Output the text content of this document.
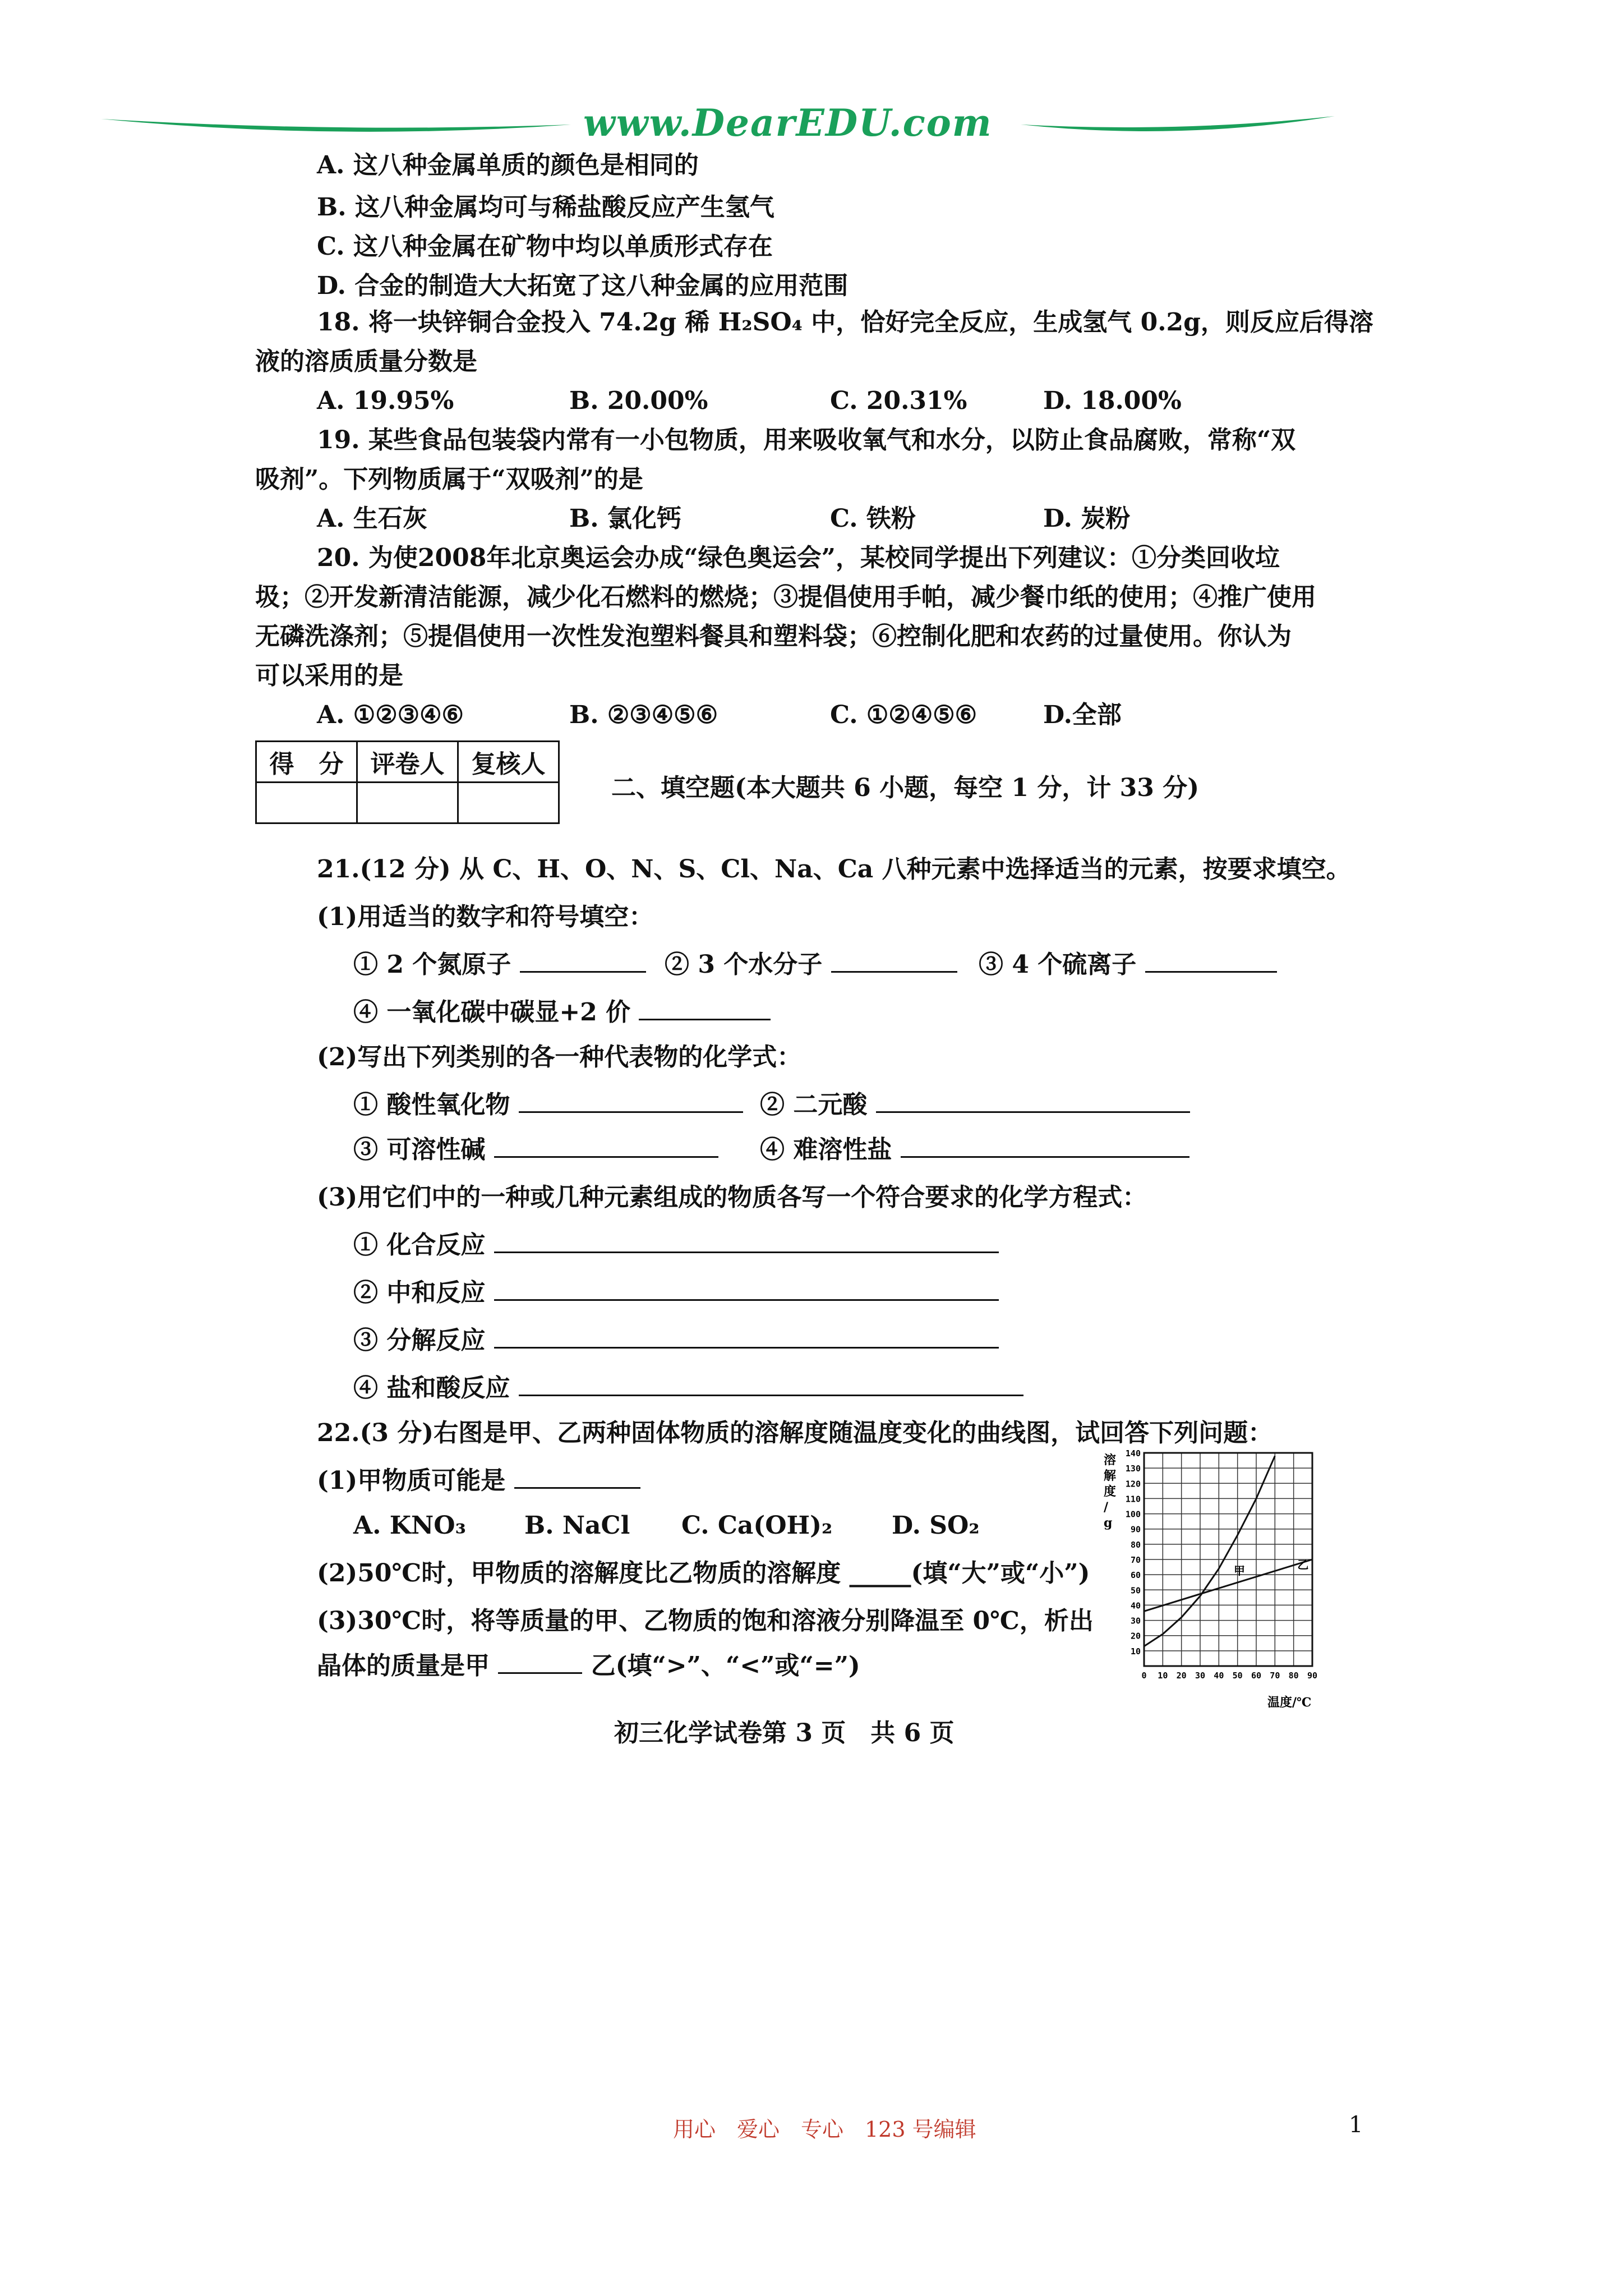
www.DearEDU.com
A. 这八种金属单质的颜色是相同的
B. 这八种金属均可与稀盐酸反应产生氢气
C. 这八种金属在矿物中均以单质形式存在
D. 合金的制造大大拓宽了这八种金属的应用范围
18. 将一块锌铜合金投入 74.2g 稀 H₂SO₄ 中，恰好完全反应，生成氢气 0.2g，则反应后得溶
液的溶质质量分数是
A. 19.95%	B. 20.00%	C. 20.31%	D. 18.00%
19. 某些食品包装袋内常有一小包物质，用来吸收氧气和水分，以防止食品腐败，常称“双
吸剂”。下列物质属于“双吸剂”的是
A. 生石灰	B. 氯化钙	C. 铁粉	D. 炭粉
20. 为使2008年北京奥运会办成“绿色奥运会”，某校同学提出下列建议：①分类回收垃
圾；②开发新清洁能源，减少化石燃料的燃烧；③提倡使用手帕，减少餐巾纸的使用；④推广使用
无磷洗涤剂；⑤提倡使用一次性发泡塑料餐具和塑料袋；⑥控制化肥和农药的过量使用。你认为
可以采用的是
A. ①②③④⑥	B. ②③④⑤⑥	C. ①②④⑤⑥	D.全部
得　分	评卷人	复核人

二、填空题(本大题共 6 小题，每空 1 分，计 33 分)
21.(12 分) 从 C、H、O、N、S、Cl、Na、Ca 八种元素中选择适当的元素，按要求填空。
(1)用适当的数字和符号填空：
① 2 个氮原子	② 3 个水分子	③ 4 个硫离子
④ 一氧化碳中碳显+2 价
(2)写出下列类别的各一种代表物的化学式：
① 酸性氧化物	② 二元酸
③ 可溶性碱	④ 难溶性盐
(3)用它们中的一种或几种元素组成的物质各写一个符合要求的化学方程式：
① 化合反应
② 中和反应
③ 分解反应
④ 盐和酸反应
22.(3 分)右图是甲、乙两种固体物质的溶解度随温度变化的曲线图，试回答下列问题：
(1)甲物质可能是
A. KNO₃ B. NaCl C. Ca(OH)₂ D. SO₂
(2)50℃时，甲物质的溶解度比乙物质的溶解度 _____(填“大”或“小”)
(3)30℃时，将等质量的甲、乙物质的饱和溶液分别降温至 0℃，析出
晶体的质量是甲	乙(填“>”、“<”或“=”)
10
20
30
40
50
60
70
80
90
100
110
120
130
140
0 10 20 30 40 50 60 70 80 90
甲	乙
溶解度/ g
温度/℃
初三化学试卷第 3 页　共 6 页
用心　爱心　专心　123 号编辑	1
